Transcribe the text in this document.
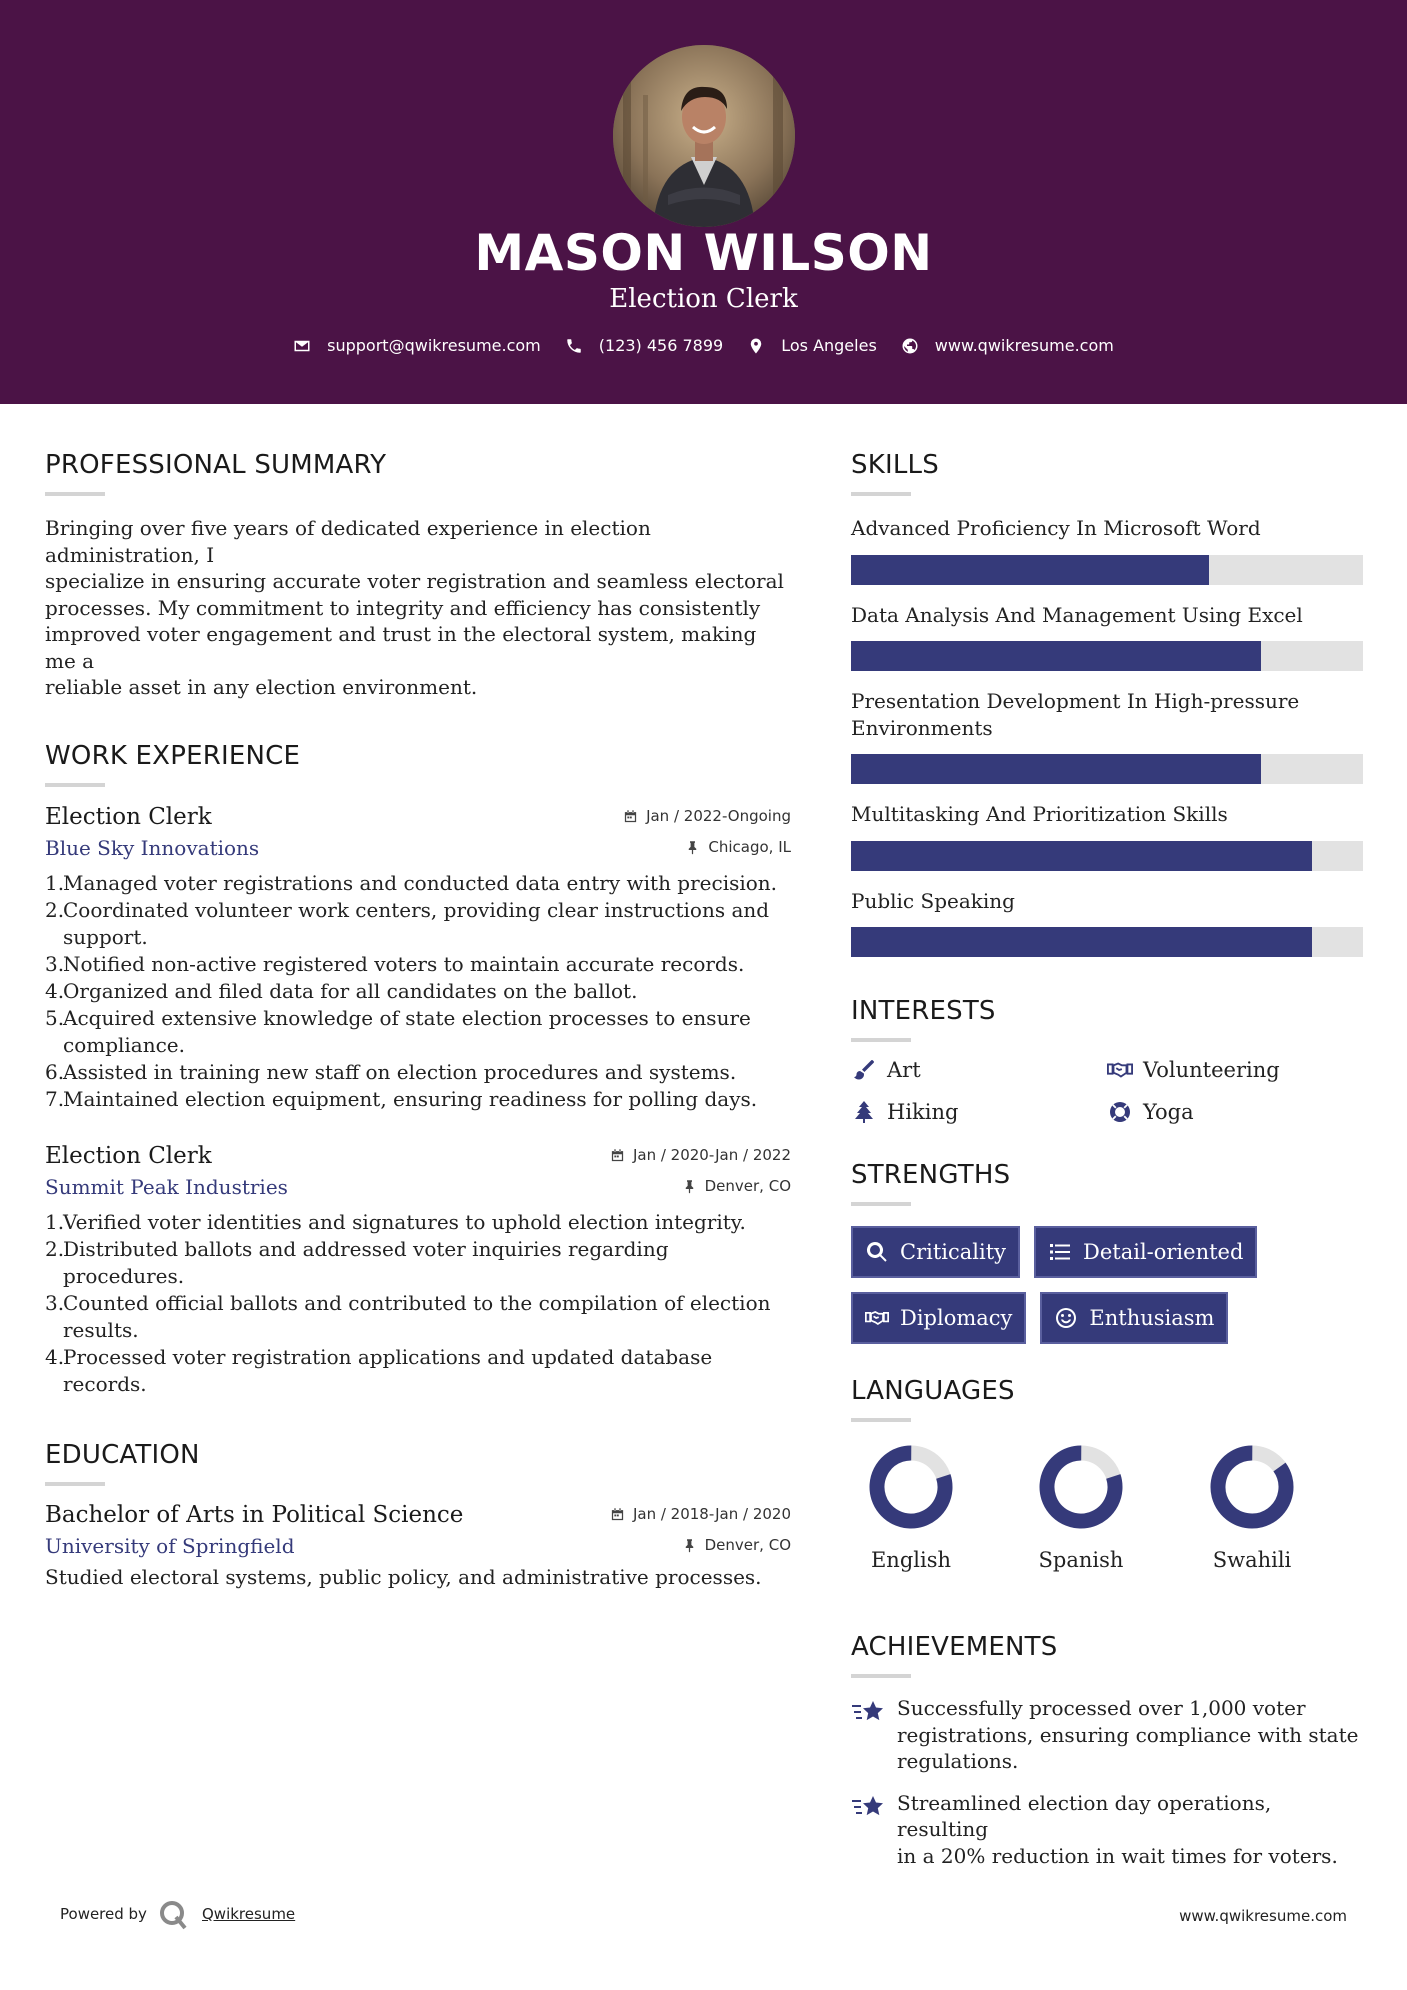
MASON WILSON
Election Clerk
support@qwikresume.com	(123) 456 7899	Los Angeles	www.qwikresume.com
PROFESSIONAL SUMMARY
Bringing over five years of dedicated experience in election administration, I
specialize in ensuring accurate voter registration and seamless electoral
processes. My commitment to integrity and efficiency has consistently
improved voter engagement and trust in the electoral system, making me a
reliable asset in any election environment.
WORK EXPERIENCE
Election Clerk	Jan / 2022-Ongoing
Blue Sky Innovations	Chicago, IL
1.
Managed voter registrations and conducted data entry with precision.
2.
Coordinated volunteer work centers, providing clear instructions and
support.
3.
Notified non-active registered voters to maintain accurate records.
4.
Organized and filed data for all candidates on the ballot.
5.
Acquired extensive knowledge of state election processes to ensure
compliance.
6.
Assisted in training new staff on election procedures and systems.
7.
Maintained election equipment, ensuring readiness for polling days.
Election Clerk	Jan / 2020-Jan / 2022
Summit Peak Industries	Denver, CO
1.
Verified voter identities and signatures to uphold election integrity.
2.
Distributed ballots and addressed voter inquiries regarding procedures.
3.
Counted official ballots and contributed to the compilation of election
results.
4.
Processed voter registration applications and updated database records.
EDUCATION
Bachelor of Arts in Political Science	Jan / 2018-Jan / 2020
University of Springfield	Denver, CO
Studied electoral systems, public policy, and administrative processes.
SKILLS
Advanced Proficiency In Microsoft Word
Data Analysis And Management Using Excel
Presentation Development In High-pressure
Environments
Multitasking And Prioritization Skills
Public Speaking
INTERESTS
Art	Volunteering
Hiking	Yoga
STRENGTHS
Criticality	Detail-oriented
Diplomacy	Enthusiasm
LANGUAGES
English	Spanish	Swahili
ACHIEVEMENTS
Successfully processed over 1,000 voter
registrations, ensuring compliance with state
regulations.
Streamlined election day operations, resulting
in a 20% reduction in wait times for voters.
Powered by	Qwikresume	www.qwikresume.com
